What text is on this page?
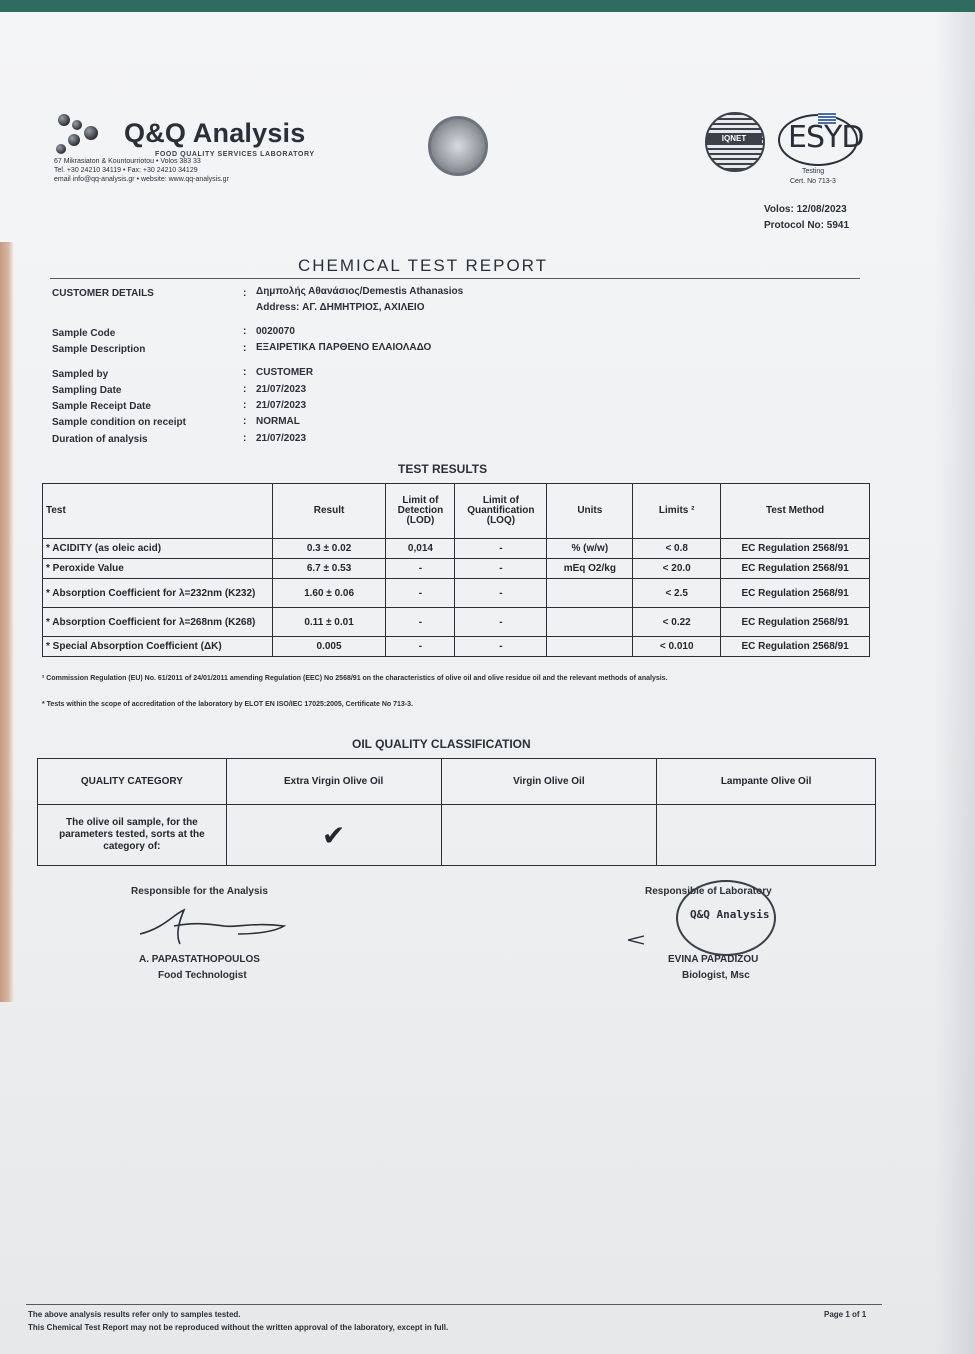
Q&Q Analysis
FOOD QUALITY SERVICES LABORATORY
67 Mikrasiaton & Kountourriotou • Volos 383 33
Tel. +30 24210 34119 • Fax: +30 24210 34129
email info@qq-analysis.gr • website: www.qq-analysis.gr
IQNET	ESYD
Testing
Cert. No 713-3
Volos: 12/08/2023
Protocol No: 5941
CHEMICAL TEST REPORT
CUSTOMER DETAILS	: Δημπολής Αθανάσιος/Demestis Athanasios
Address: ΑΓ. ΔΗΜΗΤΡΙΟΣ, ΑΧΙΛΕΙΟ
Sample Code	: 0020070
Sample Description	: ΕΞΑΙΡΕΤΙΚΑ ΠΑΡΘΕΝΟ ΕΛΑΙΟΛΑΔΟ
Sampled by	: CUSTOMER
Sampling Date	: 21/07/2023
Sample Receipt Date	: 21/07/2023
Sample condition on receipt	: NORMAL
Duration of analysis	: 21/07/2023
TEST RESULTS
Test	Result	Limit of Detection (LOD)	Limit of Quantification (LOQ)	Units	Limits ²	Test Method
* ACIDITY (as oleic acid)	0.3 ± 0.02	0,014	-	% (w/w)	< 0.8	EC Regulation 2568/91
* Peroxide Value	6.7 ± 0.53	-	-	mEq O2/kg	< 20.0	EC Regulation 2568/91
* Absorption Coefficient for λ=232nm (K232)	1.60 ± 0.06	-	-		< 2.5	EC Regulation 2568/91
* Absorption Coefficient for λ=268nm (K268)	0.11 ± 0.01	-	-		< 0.22	EC Regulation 2568/91
* Special Absorption Coefficient (ΔK)	0.005	-	-		< 0.010	EC Regulation 2568/91
² Commission Regulation (EU) No. 61/2011 of 24/01/2011 amending Regulation (EEC) No 2568/91 on the characteristics of olive oil and olive residue oil and the relevant methods of analysis.
* Tests within the scope of accreditation of the laboratory by ELOT EN ISO/IEC 17025:2005, Certificate No 713-3.
OIL QUALITY CLASSIFICATION
QUALITY CATEGORY	Extra Virgin Olive Oil	Virgin Olive Oil	Lampante Olive Oil
The olive oil sample, for the parameters tested, sorts at the category of:	✔		
Responsible for the Analysis
A. PAPASTATHOPOULOS
Food Technologist
Responsible of Laboratory
Q&Q Analysis
EVINA PAPADIZOU
Biologist, Msc
The above analysis results refer only to samples tested.
This Chemical Test Report may not be reproduced without the written approval of the laboratory, except in full.
Page 1 of 1
